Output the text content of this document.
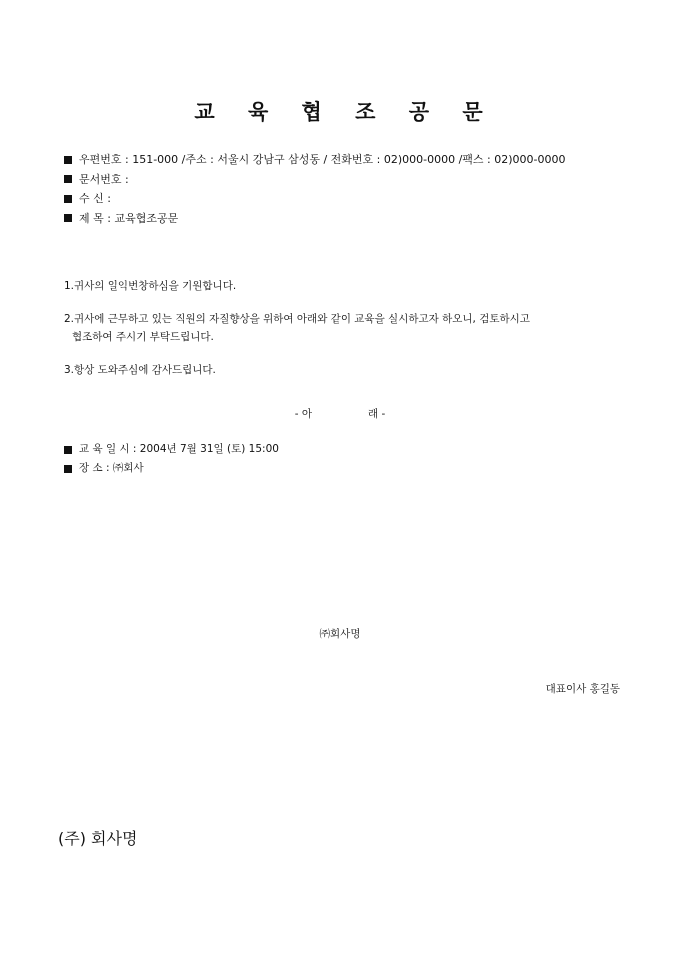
교 육 협 조 공 문
우편번호 : 151-000 /주소 : 서울시 강남구 삼성동 / 전화번호 : 02)000-0000 /팩스 : 02)000-0000
문서번호 :
수 신 :
제 목 : 교육협조공문

1.귀사의 일익번창하심을 기원합니다.

2.귀사에 근무하고 있는 직원의 자질향상을 위하여 아래와 같이 교육을 실시하고자 하오니, 검토하시고
협조하여 주시기 부탁드립니다.

3.항상 도와주심에 감사드립니다.

- 아	래 -
교 육 일 시 : 2004년 7월 31일 (토) 15:00
장 소 : ㈜회사
㈜회사명
대표이사 홍길동
(주) 회사명
